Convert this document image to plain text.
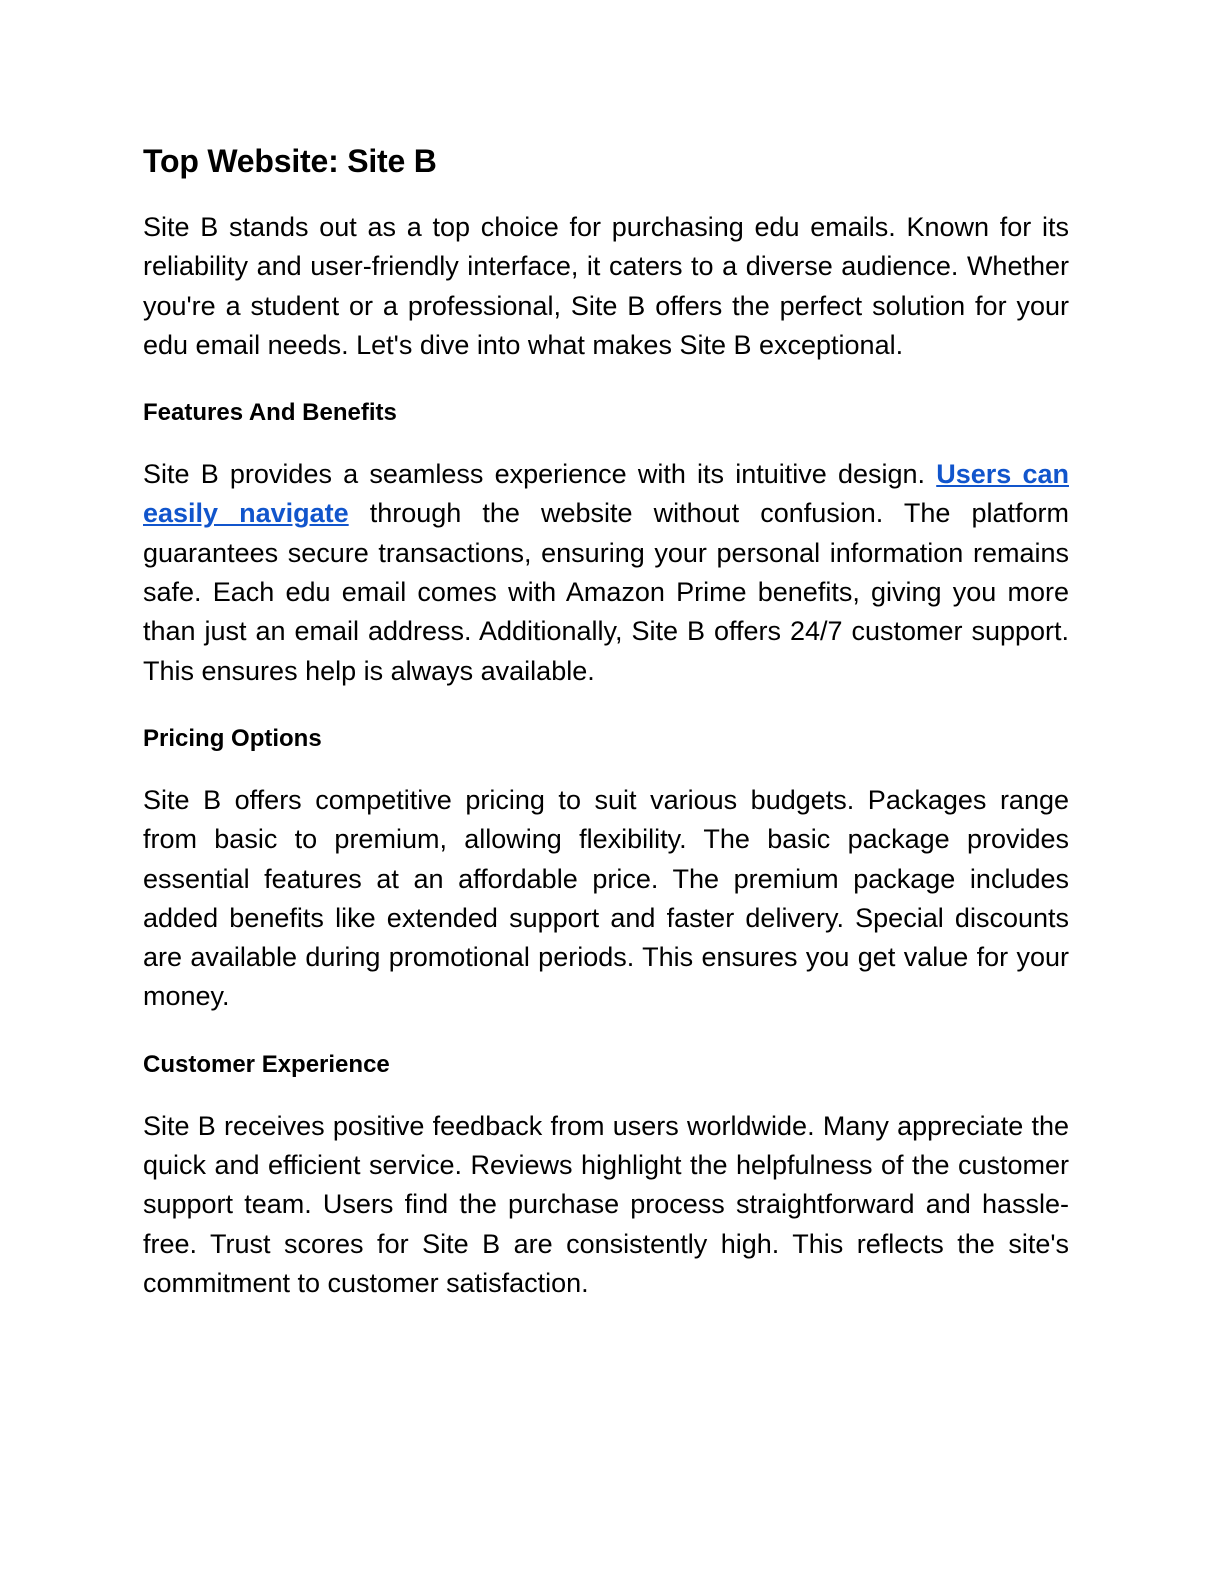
Top Website: Site B

Site B stands out as a top choice for purchasing edu emails. Known for its reliability and user-friendly interface, it caters to a diverse audience. Whether you're a student or a professional, Site B offers the perfect solution for your edu email needs. Let's dive into what makes Site B exceptional.

Features And Benefits

Site B provides a seamless experience with its intuitive design. Users can easily navigate through the website without confusion. The platform guarantees secure transactions, ensuring your personal information remains safe. Each edu email comes with Amazon Prime benefits, giving you more than just an email address. Additionally, Site B offers 24/7 customer support. This ensures help is always available.

Pricing Options

Site B offers competitive pricing to suit various budgets. Packages range from basic to premium, allowing flexibility. The basic package provides essential features at an affordable price. The premium package includes added benefits like extended support and faster delivery. Special discounts are available during promotional periods. This ensures you get value for your money.

Customer Experience

Site B receives positive feedback from users worldwide. Many appreciate the quick and efficient service. Reviews highlight the helpfulness of the customer support team. Users find the purchase process straightforward and hassle-free. Trust scores for Site B are consistently high. This reflects the site's commitment to customer satisfaction.
